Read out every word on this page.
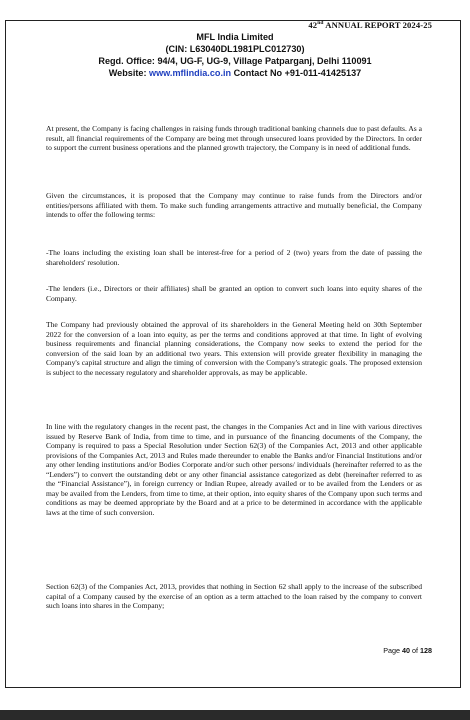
42nd ANNUAL REPORT 2024-25
MFL India Limited
(CIN: L63040DL1981PLC012730)
Regd. Office: 94/4, UG-F, UG-9, Village Patparganj, Delhi 110091
Website: www.mflindia.co.in Contact No +91-011-41425137
At present, the Company is facing challenges in raising funds through traditional banking channels due to past defaults. As a result, all financial requirements of the Company are being met through unsecured loans provided by the Directors. In order to support the current business operations and the planned growth trajectory, the Company is in need of additional funds.
Given the circumstances, it is proposed that the Company may continue to raise funds from the Directors and/or entities/persons affiliated with them. To make such funding arrangements attractive and mutually beneficial, the Company intends to offer the following terms:
-The loans including the existing loan shall be interest-free for a period of 2 (two) years from the date of passing the shareholders' resolution.
-The lenders (i.e., Directors or their affiliates) shall be granted an option to convert such loans into equity shares of the Company.
The Company had previously obtained the approval of its shareholders in the General Meeting held on 30th September 2022 for the conversion of a loan into equity, as per the terms and conditions approved at that time. In light of evolving business requirements and financial planning considerations, the Company now seeks to extend the period for the conversion of the said loan by an additional two years. This extension will provide greater flexibility in managing the Company's capital structure and align the timing of conversion with the Company's strategic goals. The proposed extension is subject to the necessary regulatory and shareholder approvals, as may be applicable.
In line with the regulatory changes in the recent past, the changes in the Companies Act and in line with various directives issued by Reserve Bank of India, from time to time, and in pursuance of the financing documents of the Company, the Company is required to pass a Special Resolution under Section 62(3) of the Companies Act, 2013 and other applicable provisions of the Companies Act, 2013 and Rules made thereunder to enable the Banks and/or Financial Institutions and/or any other lending institutions and/or Bodies Corporate and/or such other persons/ individuals (hereinafter referred to as the “Lenders”) to convert the outstanding debt or any other financial assistance categorized as debt (hereinafter referred to as the “Financial Assistance”), in foreign currency or Indian Rupee, already availed or to be availed from the Lenders or as may be availed from the Lenders, from time to time, at their option, into equity shares of the Company upon such terms and conditions as may be deemed appropriate by the Board and at a price to be determined in accordance with the applicable laws at the time of such conversion.
Section 62(3) of the Companies Act, 2013, provides that nothing in Section 62 shall apply to the increase of the subscribed capital of a Company caused by the exercise of an option as a term attached to the loan raised by the company to convert such loans into shares in the Company;
Page 40 of 128
